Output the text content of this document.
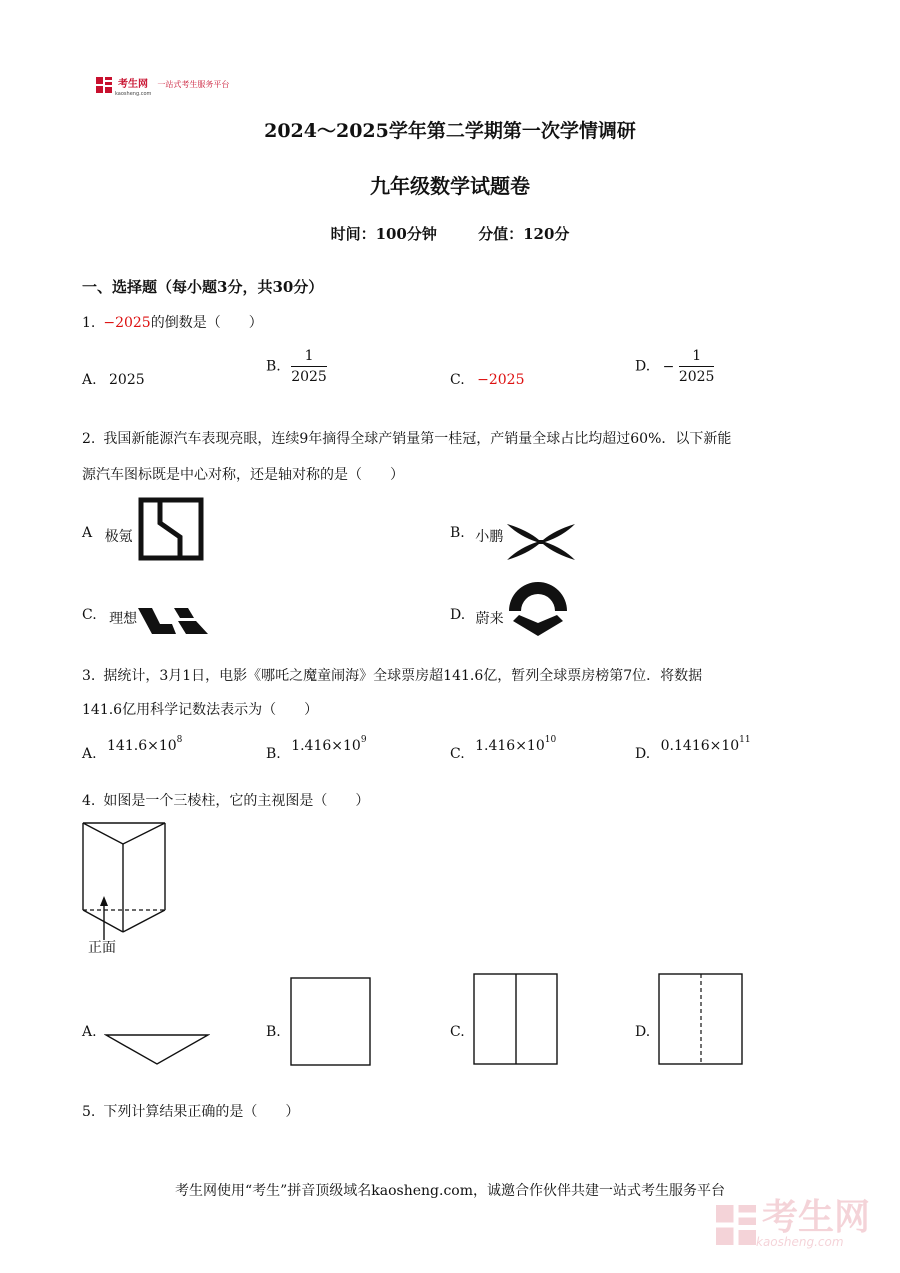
考生网
kaosheng.com
一站式考生服务平台
2024～2025学年第二学期第一次学情调研
九年级数学试题卷
时间：100分钟	分值：120分
一、选择题（每小题3分，共30分）
1. −2025的倒数是（　　）
A. 2025
B. $\frac{1}{2025}$	C. −2025
D. − $\frac{1}{2025}$
2. 我国新能源汽车表现亮眼，连续9年摘得全球产销量第一桂冠，产销量全球占比均超过60%．以下新能
源汽车图标既是中心对称，还是轴对称的是（　　）
A 极氪	B. 小鹏
C. 理想	D. 蔚来
3. 据统计，3月1日，电影《哪吒之魔童闹海》全球票房超141.6亿，暂列全球票房榜第7位．将数据
141.6亿用科学记数法表示为（　　）
A. $141.6\times 10^8$
B. $1.416\times 10^9$
C. $1.416\times 10^{10}$
D. $0.1416\times 10^{11}$
4. 如图是一个三棱柱，它的主视图是（　　）
正面
A.	B.	C.	D.
5. 下列计算结果正确的是（　　）
考生网使用“考生”拼音顶级域名kaosheng.com，诚邀合作伙伴共建一站式考生服务平台
考生网
kaosheng.com
